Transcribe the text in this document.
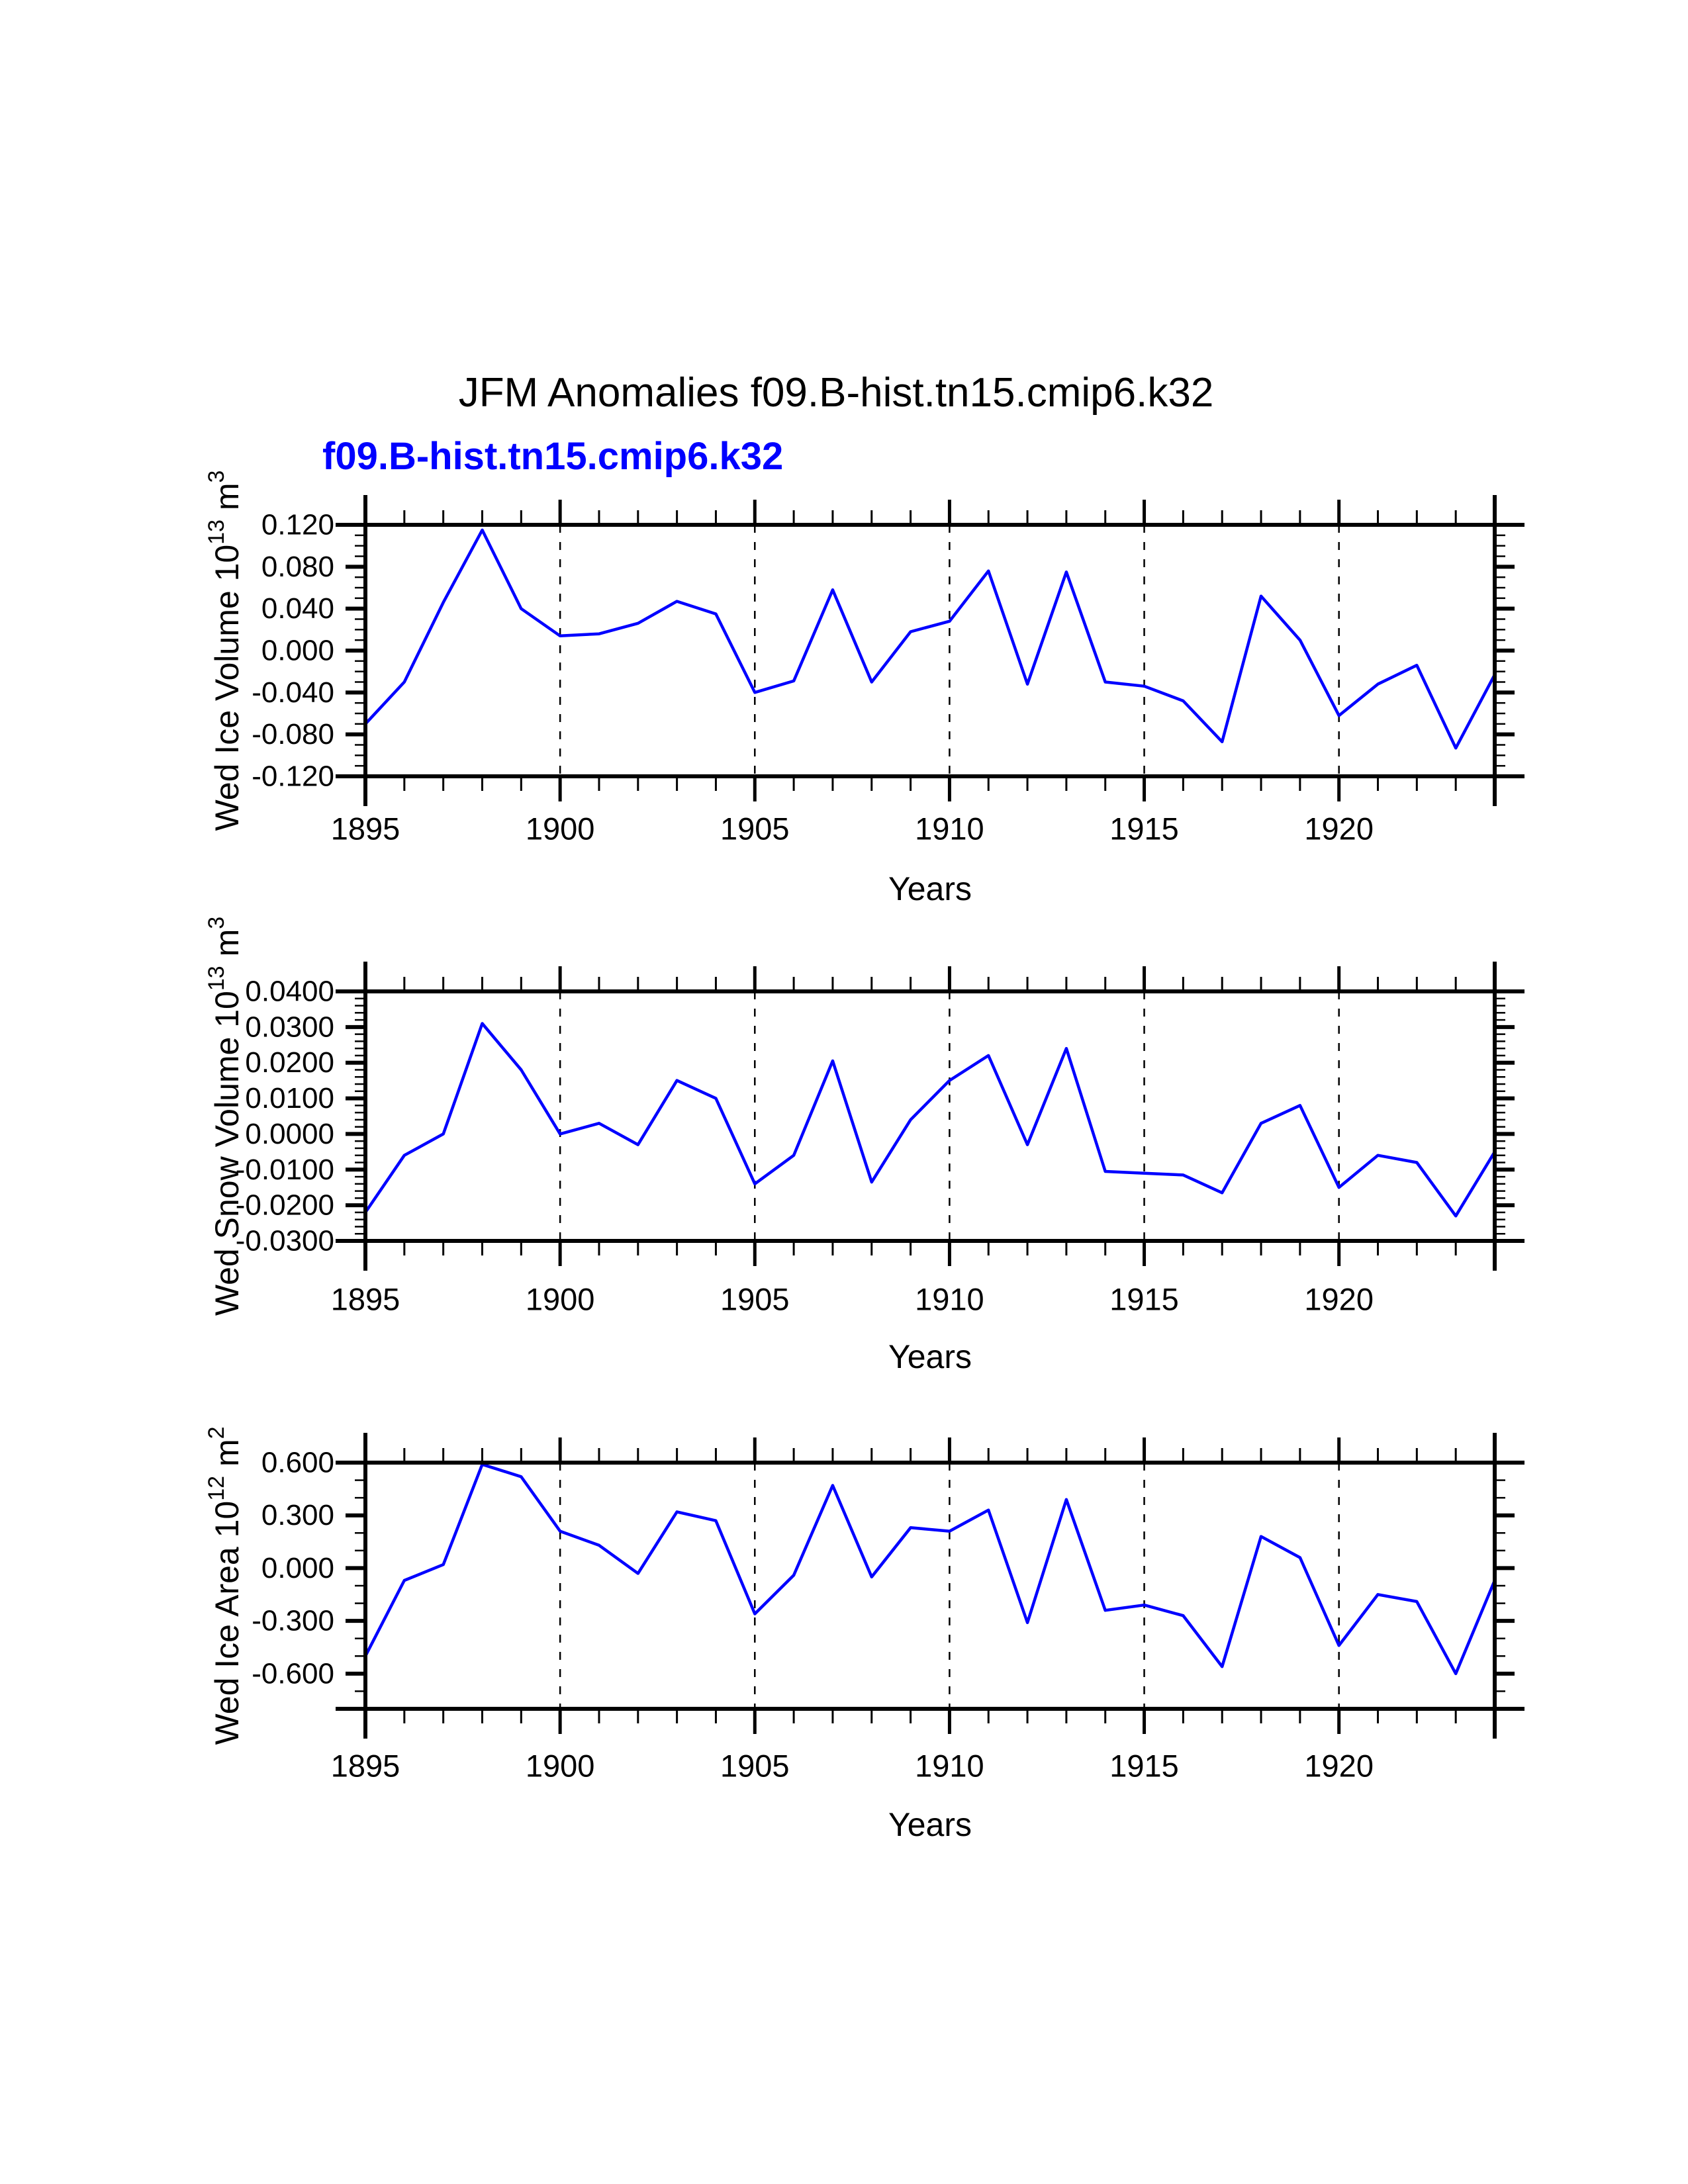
JFM Anomalies f09.B-hist.tn15.cmip6.k32
f09.B-hist.tn15.cmip6.k32
0.120
0.080
0.040
0.000
-0.040
-0.080
-0.120
1895	1900	1905	1910	1915	1920
Years
Wed Ice Volume $10^{13}$ $m^3$
0.0400
0.0300
0.0200
0.0100
0.0000
-0.0100
-0.0200
-0.0300
1895	1900	1905	1910	1915	1920
Years
Wed Snow Volume $10^{13}$ $m^3$
0.600
0.300
0.000
-0.300
-0.600
1895	1900	1905	1910	1915	1920
Years
Wed Ice Area $10^{12}$ $m^2$
